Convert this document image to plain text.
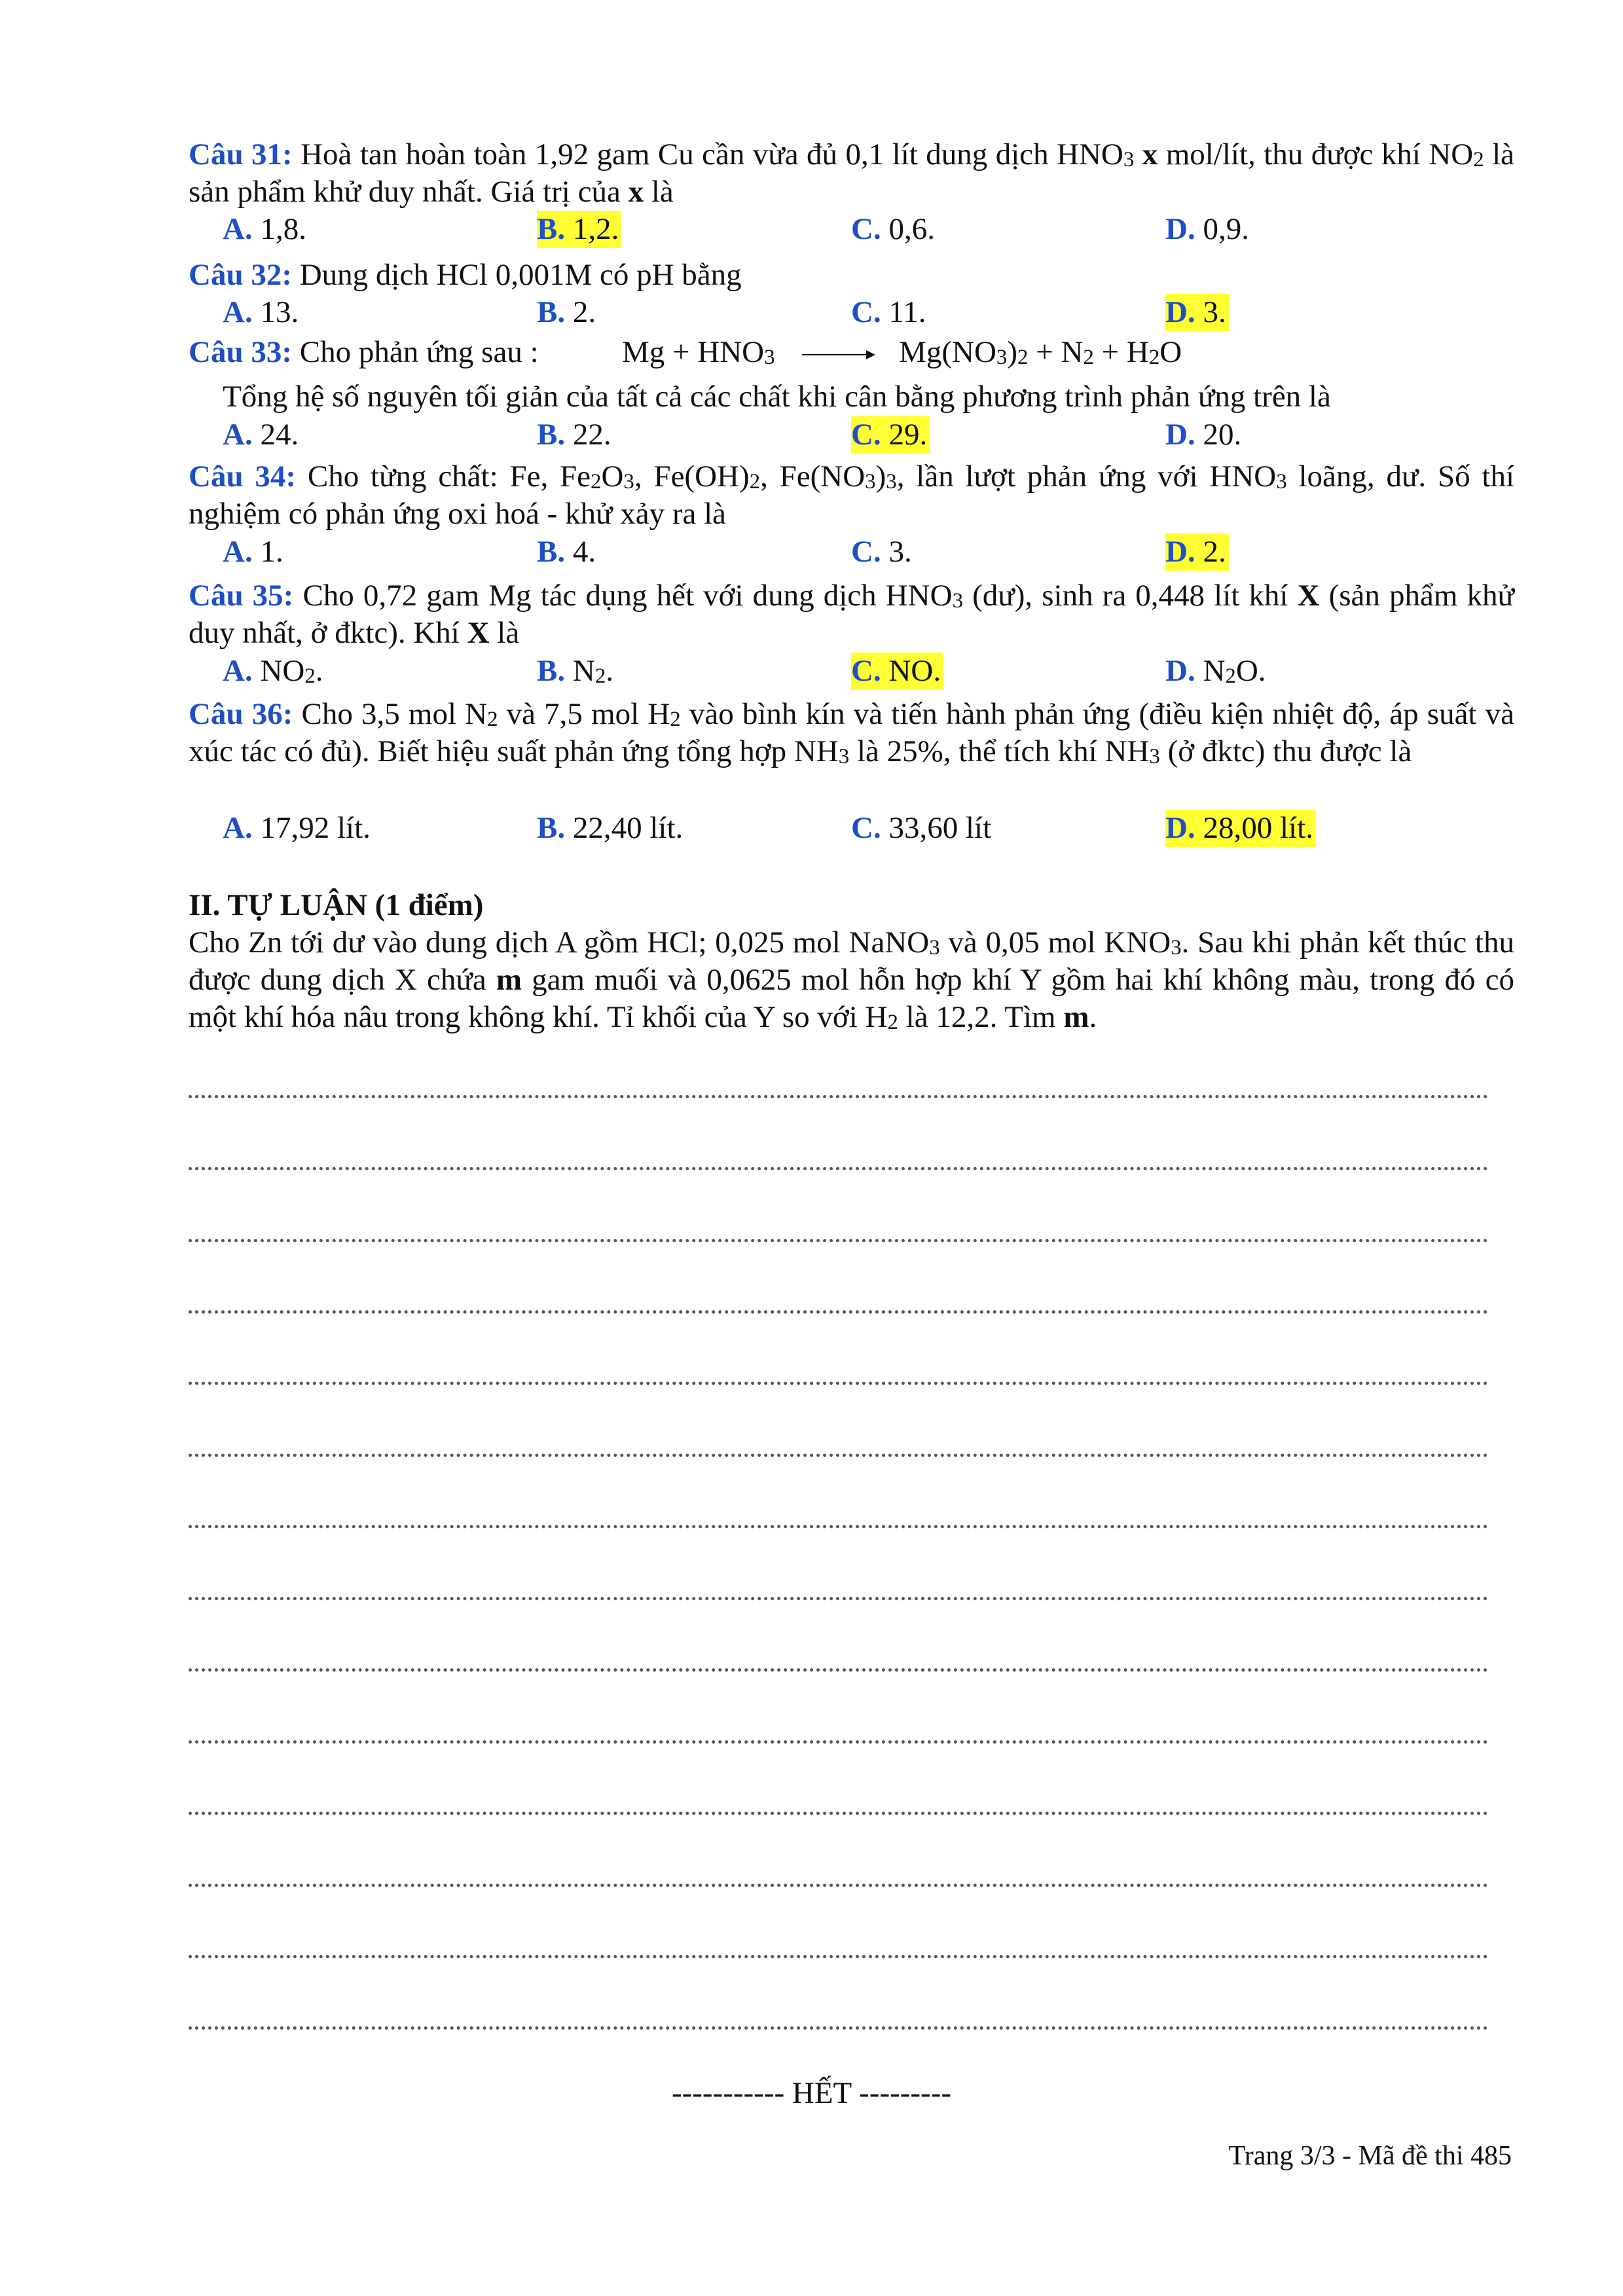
Câu 31: Hoà tan hoàn toàn 1,92 gam Cu cần vừa đủ 0,1 lít dung dịch $HNO_3$ x mol/lít, thu được khí $NO_2$ là sản phẩm khử duy nhất. Giá trị của x là
A. 1,8.	B. 1,2.	C. 0,6.	D. 0,9.
Câu 32: Dung dịch HCl 0,001M có pH bằng
A. 13.	B. 2.	C. 11.	D. 3.
Câu 33: Cho phản ứng sau :	$Mg + HNO_3$	$Mg(NO_3)_2 + N_2 + H_2O$
Tổng hệ số nguyên tối giản của tất cả các chất khi cân bằng phương trình phản ứng trên là
A. 24.	B. 22.	C. 29.	D. 20.
Câu 34: Cho từng chất: Fe, $Fe_2O_3$, $Fe(OH)_2$, $Fe(NO_3)_3$, lần lượt phản ứng với $HNO_3$ loãng, dư. Số thí nghiệm có phản ứng oxi hoá - khử xảy ra là
A. 1.	B. 4.	C. 3.	D. 2.
Câu 35: Cho 0,72 gam Mg tác dụng hết với dung dịch $HNO_3$ (dư), sinh ra 0,448 lít khí X (sản phẩm khử duy nhất, ở đktc). Khí X là
A. $NO_2$.	B. $N_2$.	C. NO.	D. $N_2O$.
Câu 36: Cho 3,5 mol $N_2$ và 7,5 mol $H_2$ vào bình kín và tiến hành phản ứng (điều kiện nhiệt độ, áp suất và xúc tác có đủ). Biết hiệu suất phản ứng tổng hợp $NH_3$ là 25%, thể tích khí $NH_3$ (ở đktc) thu được là
A. 17,92 lít.	B. 22,40 lít.	C. 33,60 lít	D. 28,00 lít.
II. TỰ LUẬN (1 điểm)
Cho Zn tới dư vào dung dịch A gồm HCl; 0,025 mol NaNO$_3$ và 0,05 mol $KNO_3$. Sau khi phản kết thúc thu được dung dịch X chứa m gam muối và 0,0625 mol hỗn hợp khí Y gồm hai khí không màu, trong đó có một khí hóa nâu trong không khí. Tỉ khối của Y so với $H_2$ là 12,2. Tìm m.
----------- HẾT ---------
Trang 3/3 - Mã đề thi 485
